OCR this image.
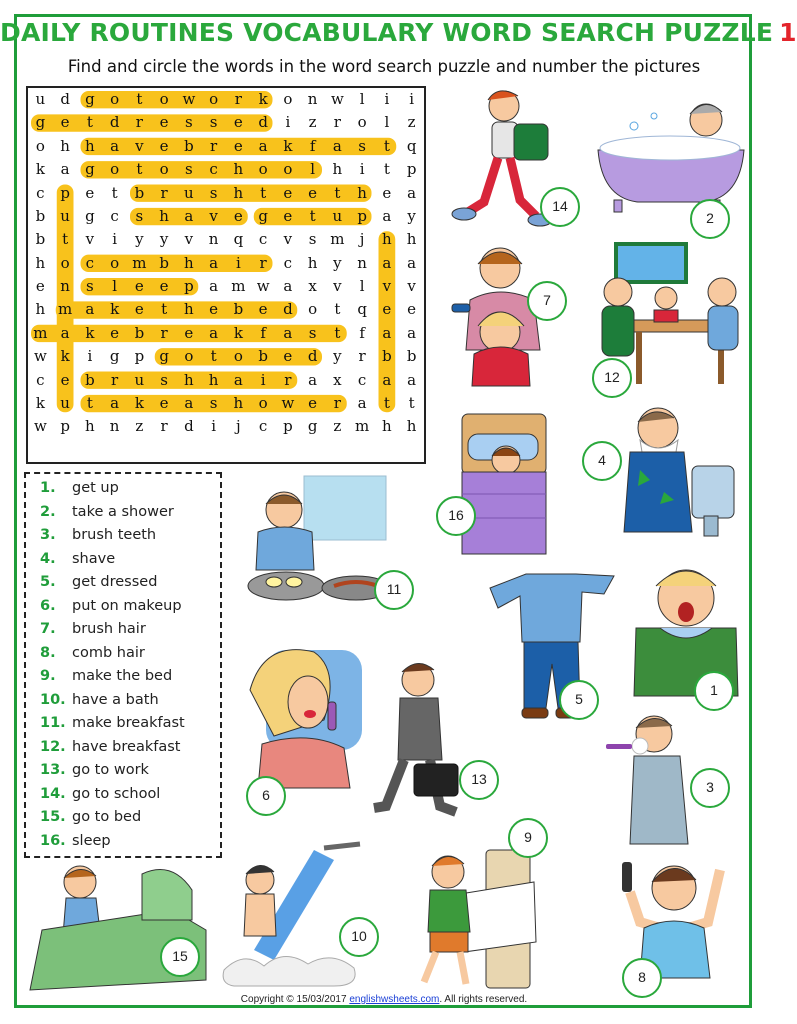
DAILY ROUTINES VOCABULARY WORD SEARCH PUZZLE 1
Find and circle the words in the word search puzzle and number the pictures
u	d	g	o	t	o w o	r	k	o	n w	l	i	i
g	e	t	d	r	e	s	s	e	d	i	z	r	o	l	z
o	h	h	a	v	e	b	r	e	a	k	f	a	s	t	q
k	a	g	o	t	o	s	c	h	o	o	l	h	i	t	p
c	p	e	t	b	r	u	s	h	t	e	e	t	h	e	a
b	u	g	c	s	h	a	v	e	g	e	t	u	p	a	y
b	t	v	i	y	y	v	n	q	c	v	s m	j	h	h
h	o	c	o m b	h	a	i	r	c	h	y	n	a	a
e	n	s	l	e	e	p	a m w a	x	v	l	v	v
h m a	k	e	t	h	e	b	e	d	o	t	q	e	e
m a	k	e	b	r	e	a	k	f	a	s	t	f	a	a
w k	i	g	p	g	o	t	o	b	e	d	y	r	b	b
c	e	b	r	u	s	h	h	a	i	r	a	x	c	a	a
k	u	t	a	k	e	a	s	h	o w e	r	a	t	t
w p	h	n	z	r	d	i	j	c	p	g	z m h	h
1. get up
2. take a shower
3. brush teeth
4. shave
5. get dressed
6. put on makeup
7. brush hair
8. comb hair
9. make the bed
10. have a bath
11. make breakfast
12. have breakfast
13. go to work
14. go to school
15. go to bed
16. sleep
14
2
7
12
16
4
11
5
1
6
13	3
9
15
10
8
Copyright © 15/03/2017 englishwsheets.com. All rights reserved.
